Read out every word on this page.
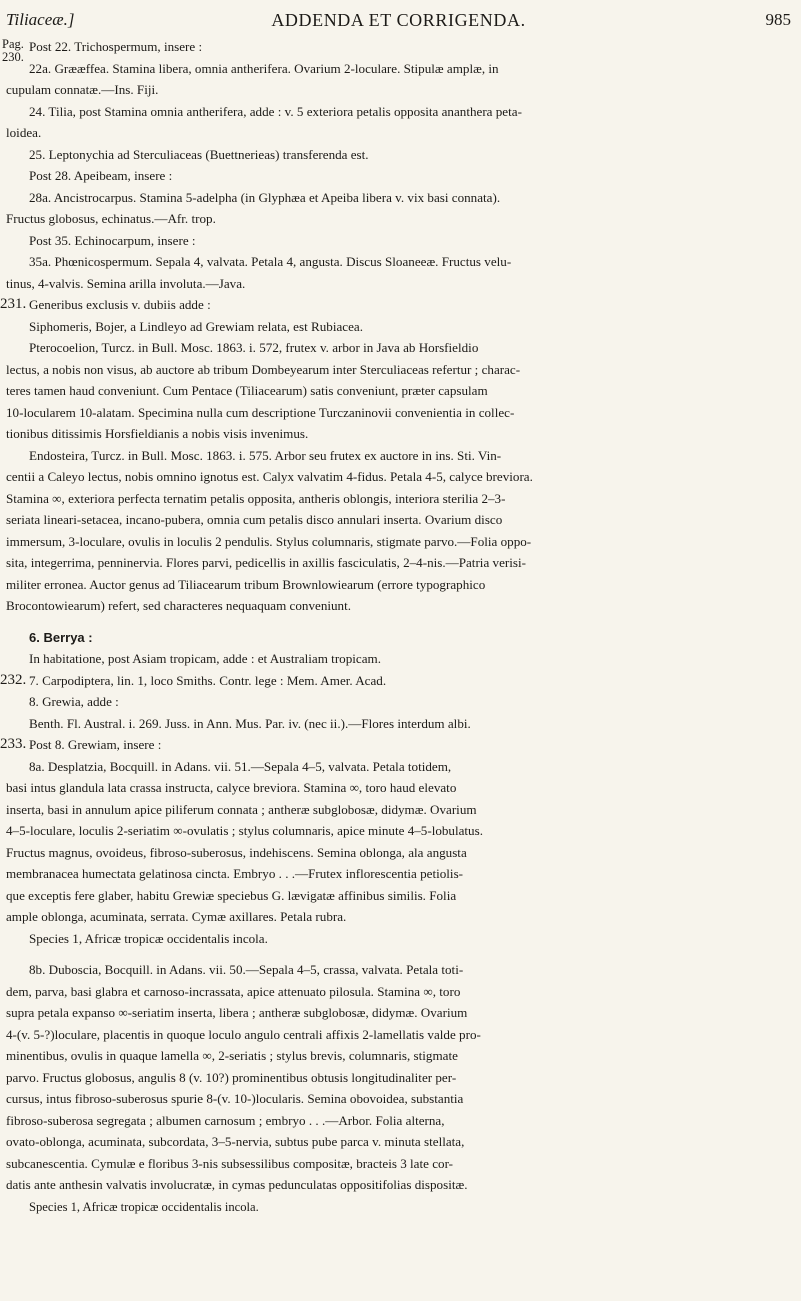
Tiliaceæ.]	ADDENDA ET CORRIGENDA.	985
Pag.
230.
Post 22. Trichospermum, insere :
22a. Grææffea. Stamina libera, omnia antherifera. Ovarium 2-loculare. Stipulæ amplæ, in
cupulam connatæ.—Ins. Fiji.
24. Tilia, post Stamina omnia antherifera, adde : v. 5 exteriora petalis opposita ananthera peta-
loidea.
25. Leptonychia ad Sterculiaceas (Buettnerieas) transferenda est.
Post 28. Apeibeam, insere :
28a. Ancistrocarpus. Stamina 5-adelpha (in Glyphæa et Apeiba libera v. vix basi connata).
Fructus globosus, echinatus.—Afr. trop.
Post 35. Echinocarpum, insere :
35a. Phœnicospermum. Sepala 4, valvata. Petala 4, angusta. Discus Sloaneeæ. Fructus velu-
tinus, 4-valvis. Semina arilla involuta.—Java.
231. Generibus exclusis v. dubiis adde :
Siphomeris, Bojer, a Lindleyo ad Grewiam relata, est Rubiacea.
Pterocoelion, Turcz. in Bull. Mosc. 1863. i. 572, frutex v. arbor in Java ab Horsfieldio
lectus, a nobis non visus, ab auctore ab tribum Dombeyearum inter Sterculiaceas refertur ; charac-
teres tamen haud conveniunt. Cum Pentace (Tiliacearum) satis conveniunt, præter capsulam
10-locularem 10-alatam. Specimina nulla cum descriptione Turczaninovii convenientia in collec-
tionibus ditissimis Horsfieldianis a nobis visis invenimus.
Endosteira, Turcz. in Bull. Mosc. 1863. i. 575. Arbor seu frutex ex auctore in ins. Sti. Vin-
centii a Caleyo lectus, nobis omnino ignotus est. Calyx valvatim 4-fidus. Petala 4-5, calyce breviora.
Stamina ∞, exteriora perfecta ternatim petalis opposita, antheris oblongis, interiora sterilia 2–3-
seriata lineari-setacea, incano-pubera, omnia cum petalis disco annulari inserta. Ovarium disco
immersum, 3-loculare, ovulis in loculis 2 pendulis. Stylus columnaris, stigmate parvo.—Folia oppo-
sita, integerrima, penninervia. Flores parvi, pedicellis in axillis fasciculatis, 2–4-nis.—Patria verisi-
militer erronea. Auctor genus ad Tiliacearum tribum Brownlowiearum (errore typographico
Brocontowiearum) refert, sed characteres nequaquam conveniunt.
6. Berrya :
In habitatione, post Asiam tropicam, adde : et Australiam tropicam.
232. 7. Carpodiptera, lin. 1, loco Smiths. Contr. lege : Mem. Amer. Acad.
8. Grewia, adde :
Benth. Fl. Austral. i. 269. Juss. in Ann. Mus. Par. iv. (nec ii.).—Flores interdum albi.
233. Post 8. Grewiam, insere :
8a. Desplatzia, Bocquill. in Adans. vii. 51.—Sepala 4–5, valvata. Petala totidem,
basi intus glandula lata crassa instructa, calyce breviora. Stamina ∞, toro haud elevato
inserta, basi in annulum apice piliferum connata ; antheræ subglobosæ, didymæ. Ovarium
4–5-loculare, loculis 2-seriatim ∞-ovulatis ; stylus columnaris, apice minute 4–5-lobulatus.
Fructus magnus, ovoideus, fibroso-suberosus, indehiscens. Semina oblonga, ala angusta
membranacea humectata gelatinosa cincta. Embryo . . .—Frutex inflorescentia petiolis-
que exceptis fere glaber, habitu Grewiæ speciebus G. lævigatæ affinibus similis. Folia
ample oblonga, acuminata, serrata. Cymæ axillares. Petala rubra.
Species 1, Africæ tropicæ occidentalis incola.
8b. Duboscia, Bocquill. in Adans. vii. 50.—Sepala 4–5, crassa, valvata. Petala toti-
dem, parva, basi glabra et carnoso-incrassata, apice attenuato pilosula. Stamina ∞, toro
supra petala expanso ∞-seriatim inserta, libera ; antheræ subglobosæ, didymæ. Ovarium
4-(v. 5-?)loculare, placentis in quoque loculo angulo centrali affixis 2-lamellatis valde pro-
minentibus, ovulis in quaque lamella ∞, 2-seriatis ; stylus brevis, columnaris, stigmate
parvo. Fructus globosus, angulis 8 (v. 10?) prominentibus obtusis longitudinaliter per-
cursus, intus fibroso-suberosus spurie 8-(v. 10-)locularis. Semina obovoidea, substantia
fibroso-suberosa segregata ; albumen carnosum ; embryo . . .—Arbor. Folia alterna,
ovato-oblonga, acuminata, subcordata, 3–5-nervia, subtus pube parca v. minuta stellata,
subcanescentia. Cymulæ e floribus 3-nis subsessilibus compositæ, bracteis 3 late cor-
datis ante anthesin valvatis involucratæ, in cymas pedunculatas oppositifolias dispositæ.
Species 1, Africæ tropicæ occidentalis incola.
